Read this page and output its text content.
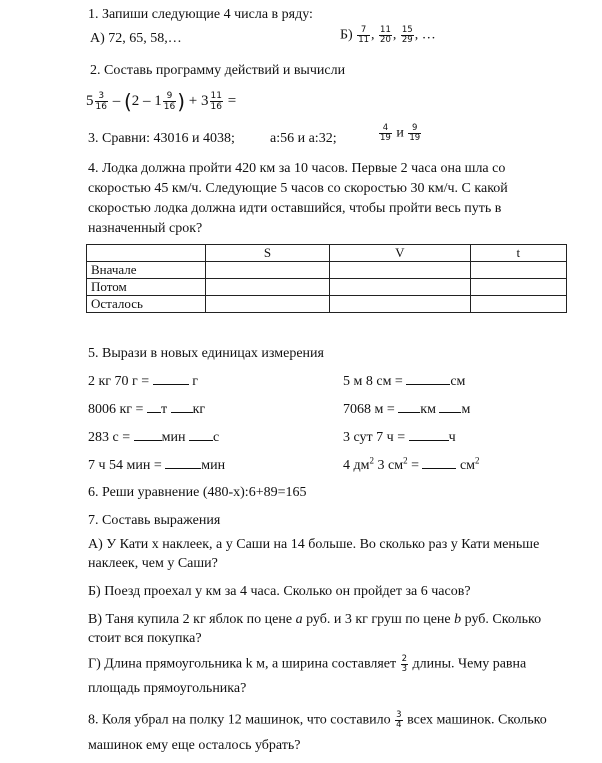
1. Запиши следующие 4 числа в ряду:
А) 72, 65, 58,…	$Б) \frac{7}{11}$ , $\frac{11}{20}$ , $\frac{15}{29}$ , …
2. Составь программу действий и вычисли
$5 \frac{3}{16} - (2 - 1 \frac{9}{16}$ ) + $3 \frac{11}{16}$ =
3. Сравни: 43016 и 4038;	a:56 и a:32;	$\frac{4}{19}$ и $\frac{9}{19}$
4. Лодка должна пройти 420 км за 10 часов. Первые 2 часа она шла со
скоростью 45 км/ч. Следующие 5 часов со скоростью 30 км/ч. С какой
скоростью лодка должна идти оставшийся, чтобы пройти весь путь в
назначенный срок?
	S	V	t
Вначале			
Потом			
Осталось			
5. Вырази в новых единицах измерения
2 кг 70 г =	г
8006 кг = т кг
283 с = мин с
7 ч 54 мин =	мин
5 м 8 см =	см
7068 м = км м
3 сут 7 ч =	ч
4 $дм^2$ 3 $см^2 = см^2$
6. Реши уравнение (480-х):6+89=165
7. Составь выражения
А) У Кати x наклеек, а у Саши на 14 больше. Во сколько раз у Кати меньше
наклеек, чем у Саши?
Б) Поезд проехал у км за 4 часа. Сколько он пройдет за 6 часов?
В) Таня купила 2 кг яблок по цене a руб. и 3 кг груш по цене b руб. Сколько
стоит вся покупка?
Г) Длина прямоугольника k м, а ширина составляет $\frac{2}{3}$ длины. Чему равна
площадь прямоугольника?
8. Коля убрал на полку 12 машинок, что составило $\frac{3}{4}$ всех машинок. Сколько
машинок ему еще осталось убрать?
